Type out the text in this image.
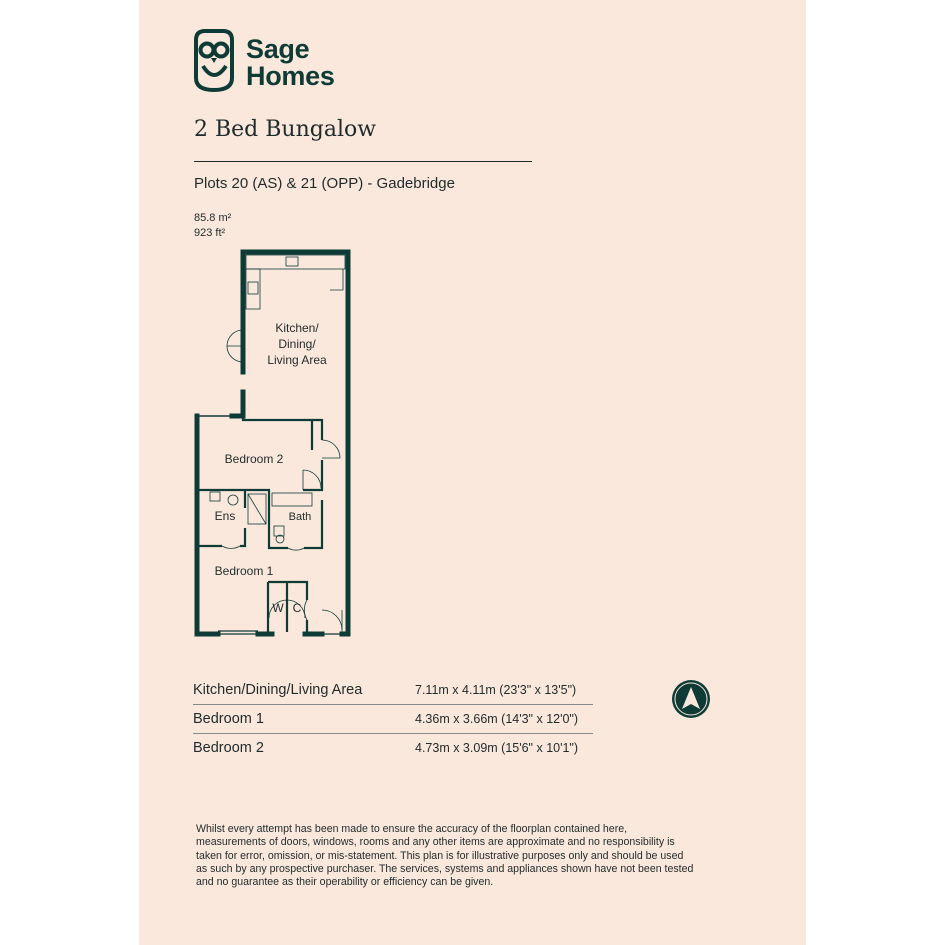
Sage
Homes
2 Bed Bungalow
Plots 20 (AS) & 21 (OPP) - Gadebridge
85.8 m²
923 ft²
Kitchen/
Dining/
Living Area
Bedroom 2
Ens	Bath
Bedroom 1
W C
Kitchen/Dining/Living Area	7.11m x 4.11m (23'3" x 13'5")
Bedroom 1	4.36m x 3.66m (14'3" x 12'0")
Bedroom 2	4.73m x 3.09m (15'6" x 10'1")
Whilst every attempt has been made to ensure the accuracy of the floorplan contained here,
measurements of doors, windows, rooms and any other items are approximate and no responsibility is
taken for error, omission, or mis-statement. This plan is for illustrative purposes only and should be used
as such by any prospective purchaser. The services, systems and appliances shown have not been tested
and no guarantee as their operability or efficiency can be given.
